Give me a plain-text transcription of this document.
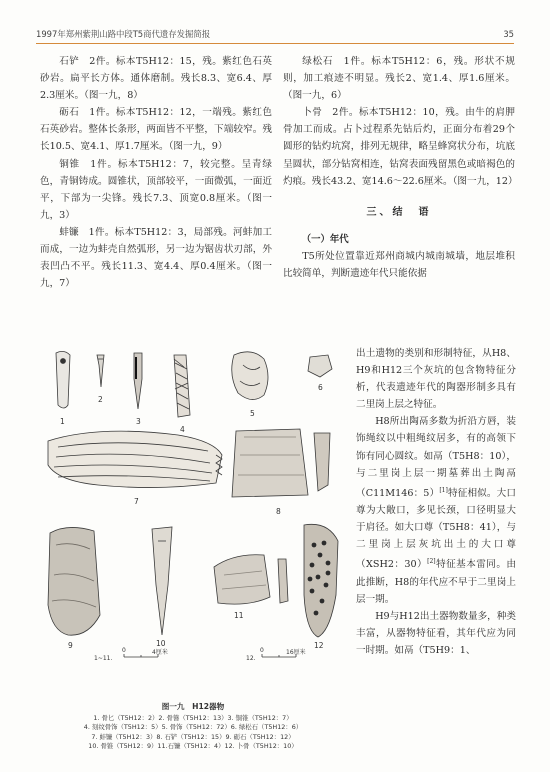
1997年郑州紫荆山路中段T5商代遗存发掘简报	35

石铲　2件。标本T5H12：15，残。紫红色石英砂岩。扁平长方体。通体磨制。残长8.3、宽6.4、厚2.3厘米。（图一九，8）

砺石　1件。标本T5H12：12，一端残。紫红色石英砂岩。整体长条形，两面皆不平整，下端较窄。残长10.5、宽4.1、厚1.7厘米。（图一九，9）

铜锥　1件。标本T5H12：7，较完整。呈青绿色，青铜铸成。圆锥状，顶部较平，一面微弧，一面近平，下部为一尖锋。残长7.3、顶宽0.8厘米。（图一九，3）

蚌镰　1件。标本T5H12：3，局部残。河蚌加工而成，一边为蚌壳自然弧形，另一边为锯齿状刃部，外表凹凸不平。残长11.3、宽4.4、厚0.4厘米。（图一九，7）

绿松石　1件。标本T5H12：6，残。形状不规则，加工痕迹不明显。残长2、宽1.4、厚1.6厘米。（图一九，6）

卜骨　2件。标本T5H12：10，残。由牛的肩胛骨加工而成。占卜过程系先钻后灼，正面分布着29个圆形的钻灼坑窝，排列无规律，略呈蜂窝状分布，坑底呈圆状，部分钻窝相连，钻窝表面残留黑色或暗褐色的灼痕。残长43.2、宽14.6～22.6厘米。（图一九，12）

三、结　语

（一）年代

T5所处位置靠近郑州商城内城南城墙，地层堆积比较简单，判断遗迹年代只能依据

出土遗物的类别和形制特征，从H8、H9和H12三个灰坑的包含物特征分析，代表遗迹年代的陶器形制多具有二里岗上层之特征。

H8所出陶鬲多数为折沿方唇，装饰绳纹以中粗绳纹居多，有的高领下饰有同心圆纹。如鬲（T5H8：10），与二里岗上层一期墓葬出土陶鬲（C11M146：5）[1]特征相似。大口尊为大敞口，多见长颈，口径明显大于肩径。如大口尊（T5H8：41），与二里岗上层灰坑出土的大口尊（XSH2：30）[2]特征基本雷同。由此推断，H8的年代应不早于二里岗上层一期。

H9与H12出土器物数量多，种类丰富，从器物特征看，其年代应为同一时期。如鬲（T5H9：1、

1
2
3
4
5
6
7
8
9	10
11
12
1~11.
0	4厘米
12.
0	16厘米
图一九　H12器物
1. 骨匕（T5H12：2）2. 骨簪（T5H12：13）3. 铜锥（T5H12：7）
4. 刻纹骨饰（T5H12：5）5. 骨饰（T5H12：72）6. 绿松石（T5H12：6）
7. 蚌镰（T5H12：3）8. 石铲（T5H12：15）9. 砺石（T5H12：12）
10. 骨锥（T5H12：9）11.石镰（T5H12：4）12. 卜骨（T5H12：10）
